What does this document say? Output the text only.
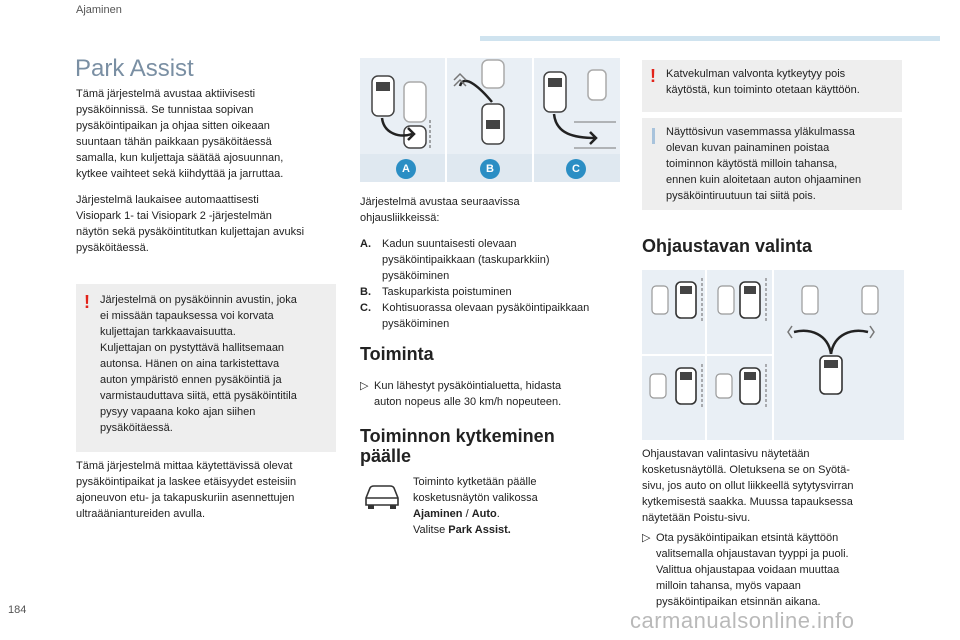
Ajaminen
Park Assist
Tämä järjestelmä avustaa aktiivisesti
pysäköinnissä. Se tunnistaa sopivan
pysäköintipaikan ja ohjaa sitten oikeaan
suuntaan tähän paikkaan pysäköitäessä
samalla, kun kuljettaja säätää ajosuunnan,
kytkee vaihteet sekä kiihdyttää ja jarruttaa.
Järjestelmä laukaisee automaattisesti
Visiopark 1- tai Visiopark 2 -järjestelmän
näytön sekä pysäköintitutkan kuljettajan avuksi
pysäköitäessä.
! Järjestelmä on pysäköinnin avustin, joka
ei missään tapauksessa voi korvata
kuljettajan tarkkaavaisuutta.
Kuljettajan on pystyttävä hallitsemaan
autonsa. Hänen on aina tarkistettava
auton ympäristö ennen pysäköintiä ja
varmistauduttava siitä, että pysäköintitila
pysyy vapaana koko ajan siihen
pysäköitäessä.
Tämä järjestelmä mittaa käytettävissä olevat
pysäköintipaikat ja laskee etäisyydet esteisiin
ajoneuvon etu- ja takapuskuriin asennettujen
ultraääniantureiden avulla.
A	B	C
Järjestelmä avustaa seuraavissa
ohjausliikkeissä:
A.	Kadun suuntaisesti olevaan
pysäköintipaikkaan (taskuparkkiin)
pysäköiminen
B.	Taskuparkista poistuminen
C.	Kohtisuorassa olevaan pysäköintipaikkaan
pysäköiminen
Toiminta
▷ Kun lähestyt pysäköintialuetta, hidasta
auton nopeus alle 30 km/h nopeuteen.
Toiminnon kytkeminen
päälle
Toiminto kytketään päälle
kosketusnäytön valikossa
Ajaminen / Auto.
Valitse Park Assist.
! Katvekulman valvonta kytkeytyy pois
käytöstä, kun toiminto otetaan käyttöön.
Näyttösivun vasemmassa yläkulmassa
olevan kuvan painaminen poistaa
toiminnon käytöstä milloin tahansa,
ennen kuin aloitetaan auton ohjaaminen
pysäköintiruutuun tai siitä pois.
Ohjaustavan valinta
Ohjaustavan valintasivu näytetään
kosketusnäytöllä. Oletuksena se on Syötä-
sivu, jos auto on ollut liikkeellä sytytysvirran
kytkemisestä saakka. Muussa tapauksessa
näytetään Poistu-sivu.
▷ Ota pysäköintipaikan etsintä käyttöön
valitsemalla ohjaustavan tyyppi ja puoli.
Valittua ohjaustapaa voidaan muuttaa
milloin tahansa, myös vapaan
pysäköintipaikan etsinnän aikana.
184	carmanualsonline.info
